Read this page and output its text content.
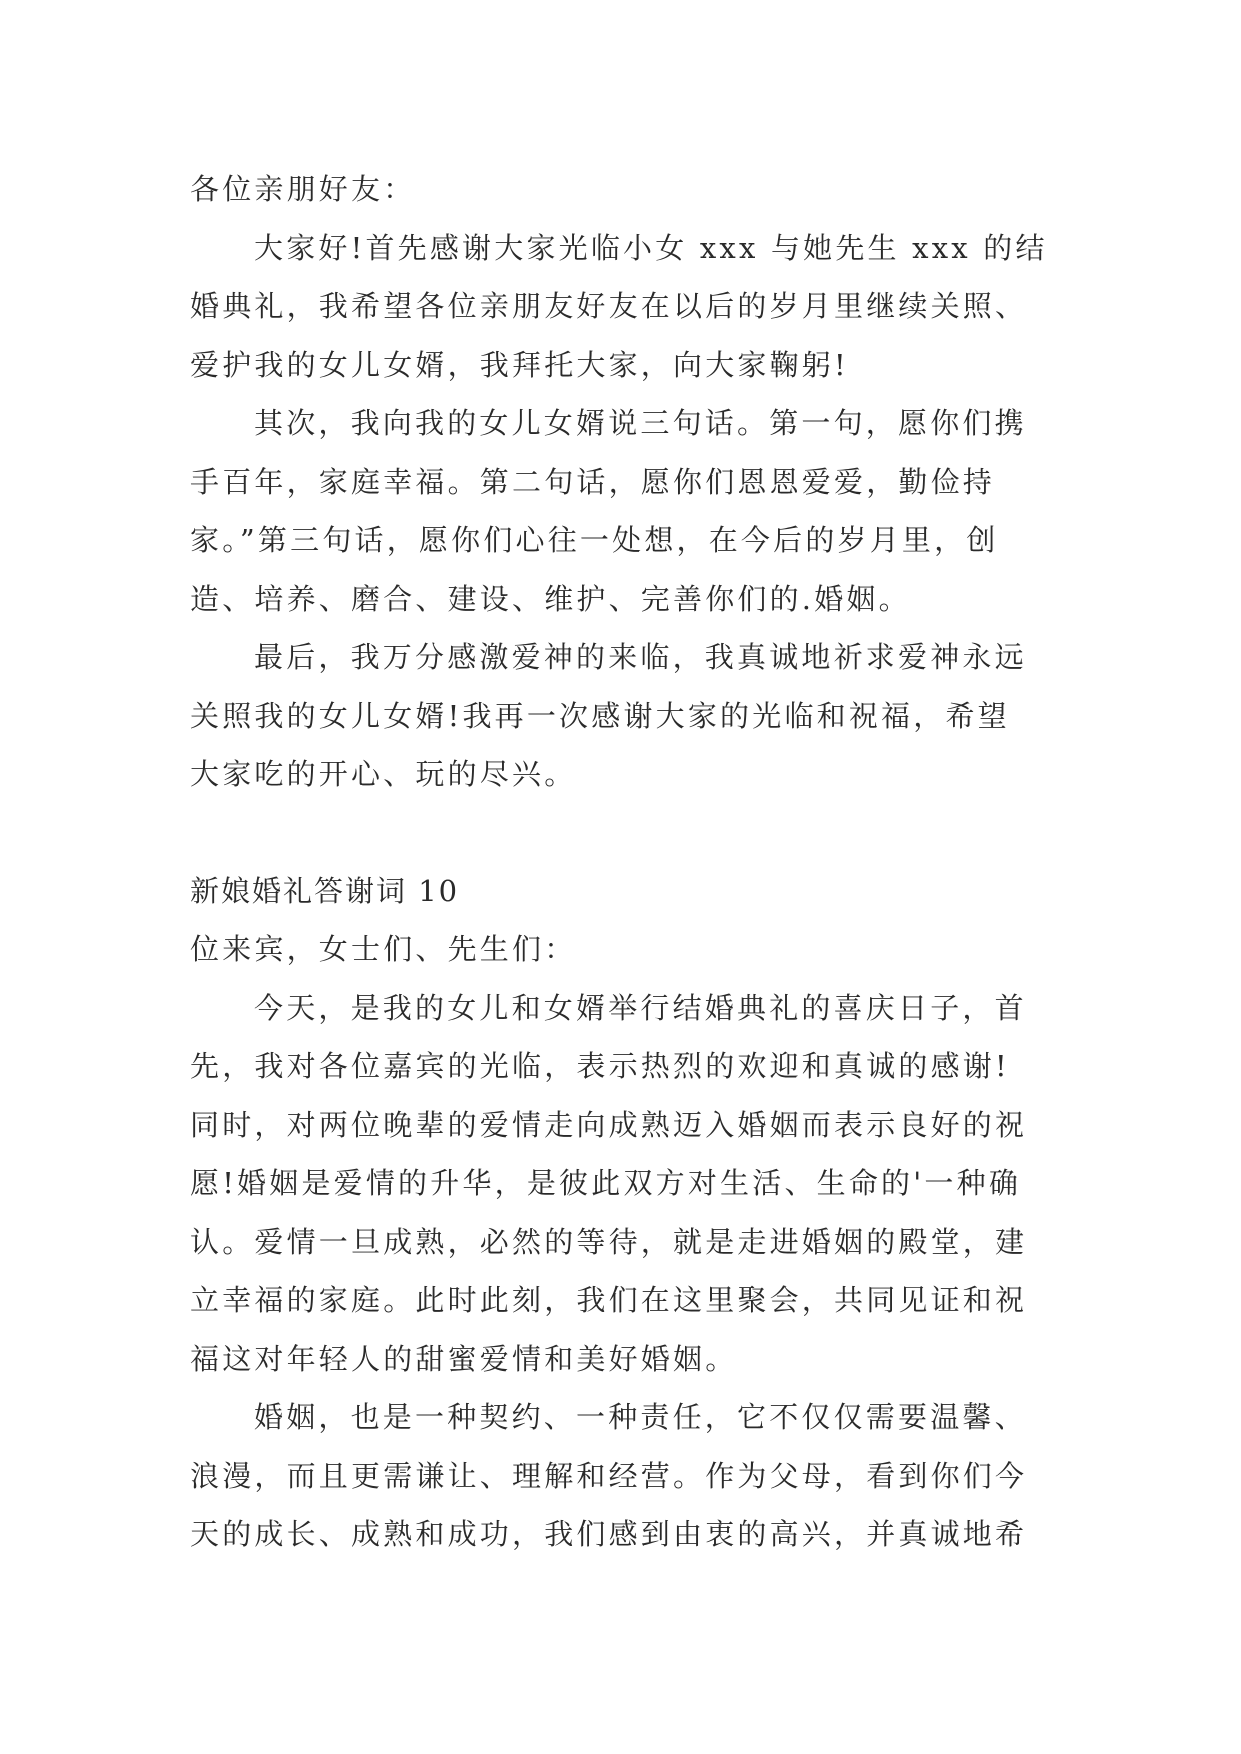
各位亲朋好友：
大家好!首先感谢大家光临小女 xxx 与她先生 xxx 的结
婚典礼，我希望各位亲朋友好友在以后的岁月里继续关照、
爱护我的女儿女婿，我拜托大家，向大家鞠躬!
其次，我向我的女儿女婿说三句话。第一句，愿你们携
手百年，家庭幸福。第二句话，愿你们恩恩爱爱，勤俭持
家。”第三句话，愿你们心往一处想，在今后的岁月里，创
造、培养、磨合、建设、维护、完善你们的.婚姻。
最后，我万分感激爱神的来临，我真诚地祈求爱神永远
关照我的女儿女婿!我再一次感谢大家的光临和祝福，希望
大家吃的开心、玩的尽兴。
新娘婚礼答谢词 10
位来宾，女士们、先生们：
今天，是我的女儿和女婿举行结婚典礼的喜庆日子，首
先，我对各位嘉宾的光临，表示热烈的欢迎和真诚的感谢!
同时，对两位晚辈的爱情走向成熟迈入婚姻而表示良好的祝
愿!婚姻是爱情的升华，是彼此双方对生活、生命的'一种确
认。爱情一旦成熟，必然的等待，就是走进婚姻的殿堂，建
立幸福的家庭。此时此刻，我们在这里聚会，共同见证和祝
福这对年轻人的甜蜜爱情和美好婚姻。
婚姻，也是一种契约、一种责任，它不仅仅需要温馨、
浪漫，而且更需谦让、理解和经营。作为父母，看到你们今
天的成长、成熟和成功，我们感到由衷的高兴，并真诚地希
